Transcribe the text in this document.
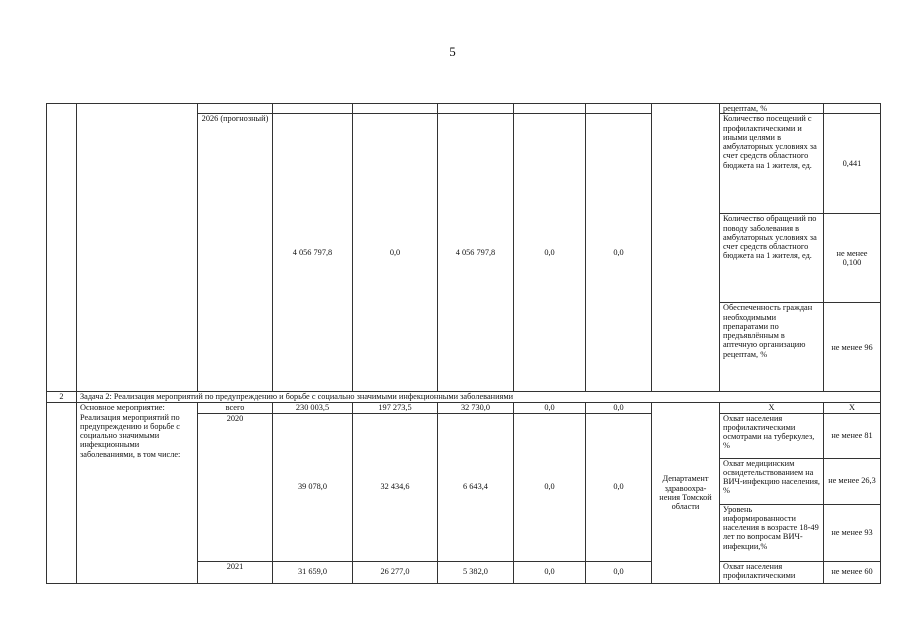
5
									рецептам, %	
		2026 (прогнозный)	4 056 797,8	0,0	4 056 797,8	0,0	0,0		Количество посещений с профилактическими и иными целями в амбулаторных условиях за счет средств областного бюджета на 1 жителя, ед.	0,441
									Количество обращений по поводу заболевания в амбулаторных условиях за счет средств областного бюджета на 1 жителя, ед.	не менее 0,100
									Обеспеченность граждан необходимыми препаратами по предъявлённым в аптечную организацию рецептам, %	не менее 96
2	Задача 2: Реализация мероприятий по предупреждению и борьбе с социально значимыми инфекционными заболеваниями									
	Основное мероприятие: Реализация мероприятий по предупреждению и борьбе с социально значимыми инфекционными заболеваниями, в том числе:	всего	230 003,5	197 273,5	32 730,0	0,0	0,0	Департамент здравоохра-нения Томской области	Х	Х
		2020	39 078,0	32 434,6	6 643,4	0,0	0,0		Охват населения профилактическими осмотрами на туберкулез, %	не менее 81
									Охват медицинским освидетельствованием на ВИЧ-инфекцию населения, %	не менее 26,3
									Уровень информированности населения в возрасте 18-49 лет по вопросам ВИЧ-инфекции,%	не менее 93
		2021	31 659,0	26 277,0	5 382,0	0,0	0,0		Охват населения профилактическими	не менее 60
